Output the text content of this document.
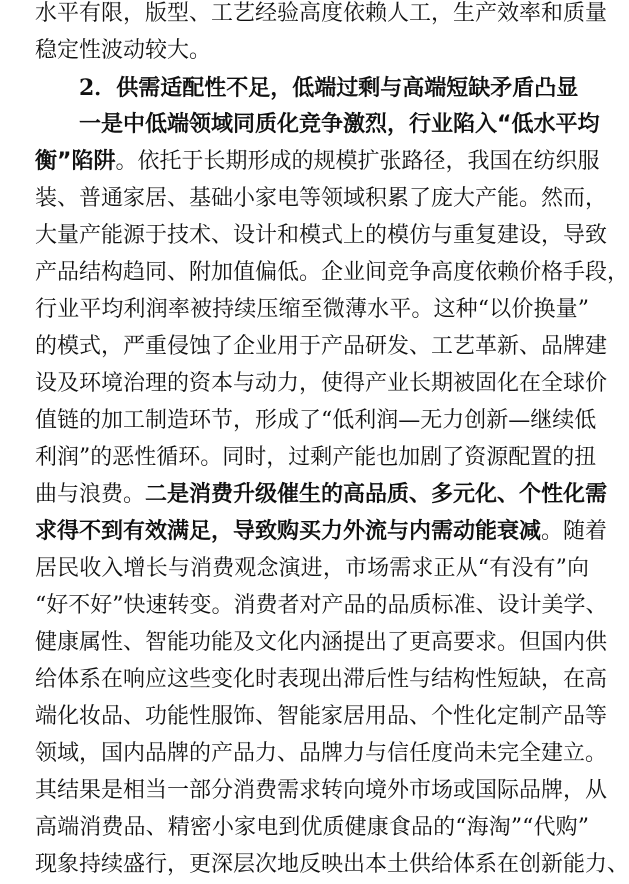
水平有限，版型、工艺经验高度依赖人工，生产效率和质量
稳定性波动较大。
2．供需适配性不足，低端过剩与高端短缺矛盾凸显
一是中低端领域同质化竞争激烈，行业陷入“低水平均
衡”陷阱。依托于长期形成的规模扩张路径，我国在纺织服
装、普通家居、基础小家电等领域积累了庞大产能。然而，
大量产能源于技术、设计和模式上的模仿与重复建设，导致
产品结构趋同、附加值偏低。企业间竞争高度依赖价格手段，
行业平均利润率被持续压缩至微薄水平。这种“以价换量”
的模式，严重侵蚀了企业用于产品研发、工艺革新、品牌建
设及环境治理的资本与动力，使得产业长期被固化在全球价
值链的加工制造环节，形成了“低利润—无力创新—继续低
利润”的恶性循环。同时，过剩产能也加剧了资源配置的扭
曲与浪费。二是消费升级催生的高品质、多元化、个性化需
求得不到有效满足，导致购买力外流与内需动能衰减。随着
居民收入增长与消费观念演进，市场需求正从“有没有”向
“好不好”快速转变。消费者对产品的品质标准、设计美学、
健康属性、智能功能及文化内涵提出了更高要求。但国内供
给体系在响应这些变化时表现出滞后性与结构性短缺，在高
端化妆品、功能性服饰、智能家居用品、个性化定制产品等
领域，国内品牌的产品力、品牌力与信任度尚未完全建立。
其结果是相当一部分消费需求转向境外市场或国际品牌，从
高端消费品、精密小家电到优质健康食品的“海淘”“代购”
现象持续盛行，更深层次地反映出本土供给体系在创新能力、
